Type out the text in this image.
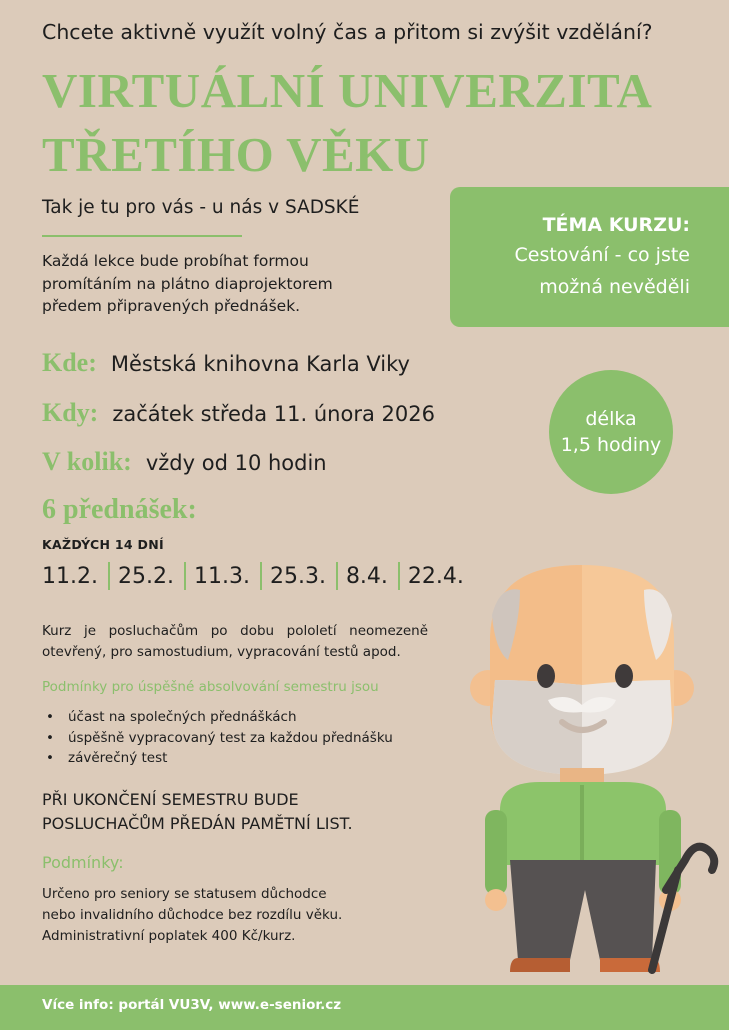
Chcete aktivně využít volný čas a přitom si zvýšit vzdělání?
VIRTUÁLNÍ UNIVERZITA
TŘETÍHO VĚKU
Tak je tu pro vás - u nás v SADSKÉ
Každá lekce bude probíhat formou
promítáním na plátno diaprojektorem
předem připravených přednášek.
TÉMA KURZU:
Cestování - co jste
možná nevěděli
Kde: Městská knihovna Karla Viky
Kdy: začátek středa 11. února 2026
V kolik: vždy od 10 hodin
délka
1,5 hodiny
6 přednášek:
KAŽDÝCH 14 DNÍ
11.2. 25.2. 11.3. 25.3. 8.4. 22.4.
Kurz je posluchačům po dobu pololetí neomezeně otevřený, pro samostudium, vypracování testů apod.
Podmínky pro úspěšné absolvování semestru jsou
• účast na společných přednáškách
• úspěšně vypracovaný test za každou přednášku
• závěrečný test
PŘI UKONČENÍ SEMESTRU BUDE
POSLUCHAČŮM PŘEDÁN PAMĚTNÍ LIST.
Podmínky:
Určeno pro seniory se statusem důchodce
nebo invalidního důchodce bez rozdílu věku.
Administrativní poplatek 400 Kč/kurz.
Více info: portál VU3V, www.e-senior.cz
